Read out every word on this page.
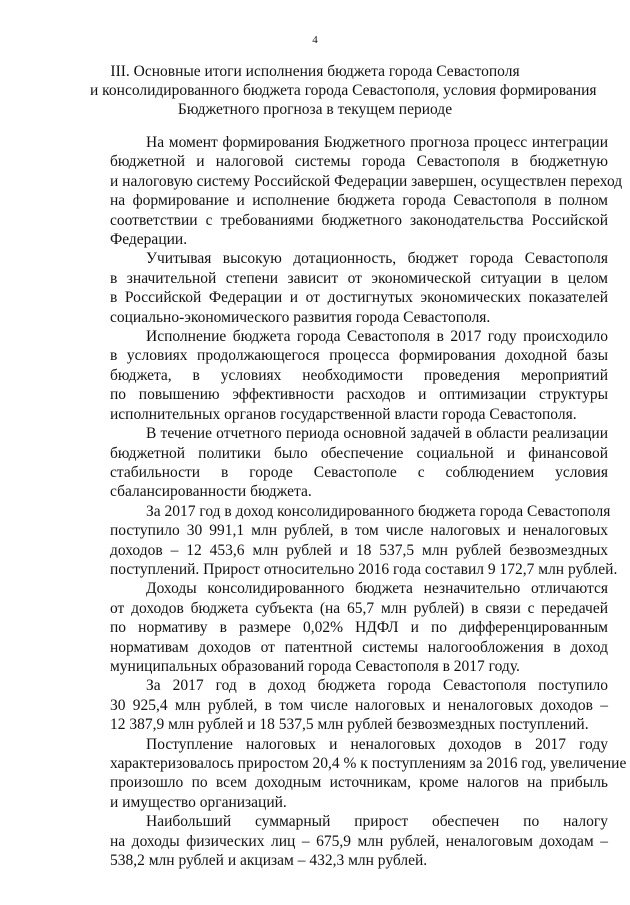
4
III. Основные итоги исполнения бюджета города Севастополя
и консолидированного бюджета города Севастополя, условия формирования
Бюджетного прогноза в текущем периоде

На момент формирования Бюджетного прогноза процесс интеграции
бюджетной и налоговой системы города Севастополя в бюджетную
и налоговую систему Российской Федерации завершен, осуществлен переход
на формирование и исполнение бюджета города Севастополя в полном
соответствии с требованиями бюджетного законодательства Российской
Федерации.

Учитывая высокую дотационность, бюджет города Севастополя
в значительной степени зависит от экономической ситуации в целом
в Российской Федерации и от достигнутых экономических показателей
социально-экономического развития города Севастополя.

Исполнение бюджета города Севастополя в 2017 году происходило
в условиях продолжающегося процесса формирования доходной базы
бюджета, в условиях необходимости проведения мероприятий
по повышению эффективности расходов и оптимизации структуры
исполнительных органов государственной власти города Севастополя.

В течение отчетного периода основной задачей в области реализации
бюджетной политики было обеспечение социальной и финансовой
стабильности в городе Севастополе с соблюдением условия
сбалансированности бюджета.

За 2017 год в доход консолидированного бюджета города Севастополя
поступило 30 991,1 млн рублей, в том числе налоговых и неналоговых
доходов – 12 453,6 млн рублей и 18 537,5 млн рублей безвозмездных
поступлений. Прирост относительно 2016 года составил 9 172,7 млн рублей.

Доходы консолидированного бюджета незначительно отличаются
от доходов бюджета субъекта (на 65,7 млн рублей) в связи с передачей
по нормативу в размере 0,02% НДФЛ и по дифференцированным
нормативам доходов от патентной системы налогообложения в доход
муниципальных образований города Севастополя в 2017 году.

За 2017 год в доход бюджета города Севастополя поступило
30 925,4 млн рублей, в том числе налоговых и неналоговых доходов –
12 387,9 млн рублей и 18 537,5 млн рублей безвозмездных поступлений.

Поступление налоговых и неналоговых доходов в 2017 году
характеризовалось приростом 20,4 % к поступлениям за 2016 год, увеличение
произошло по всем доходным источникам, кроме налогов на прибыль
и имущество организаций.

Наибольший суммарный прирост обеспечен по налогу
на доходы физических лиц – 675,9 млн рублей, неналоговым доходам –
538,2 млн рублей и акцизам – 432,3 млн рублей.
